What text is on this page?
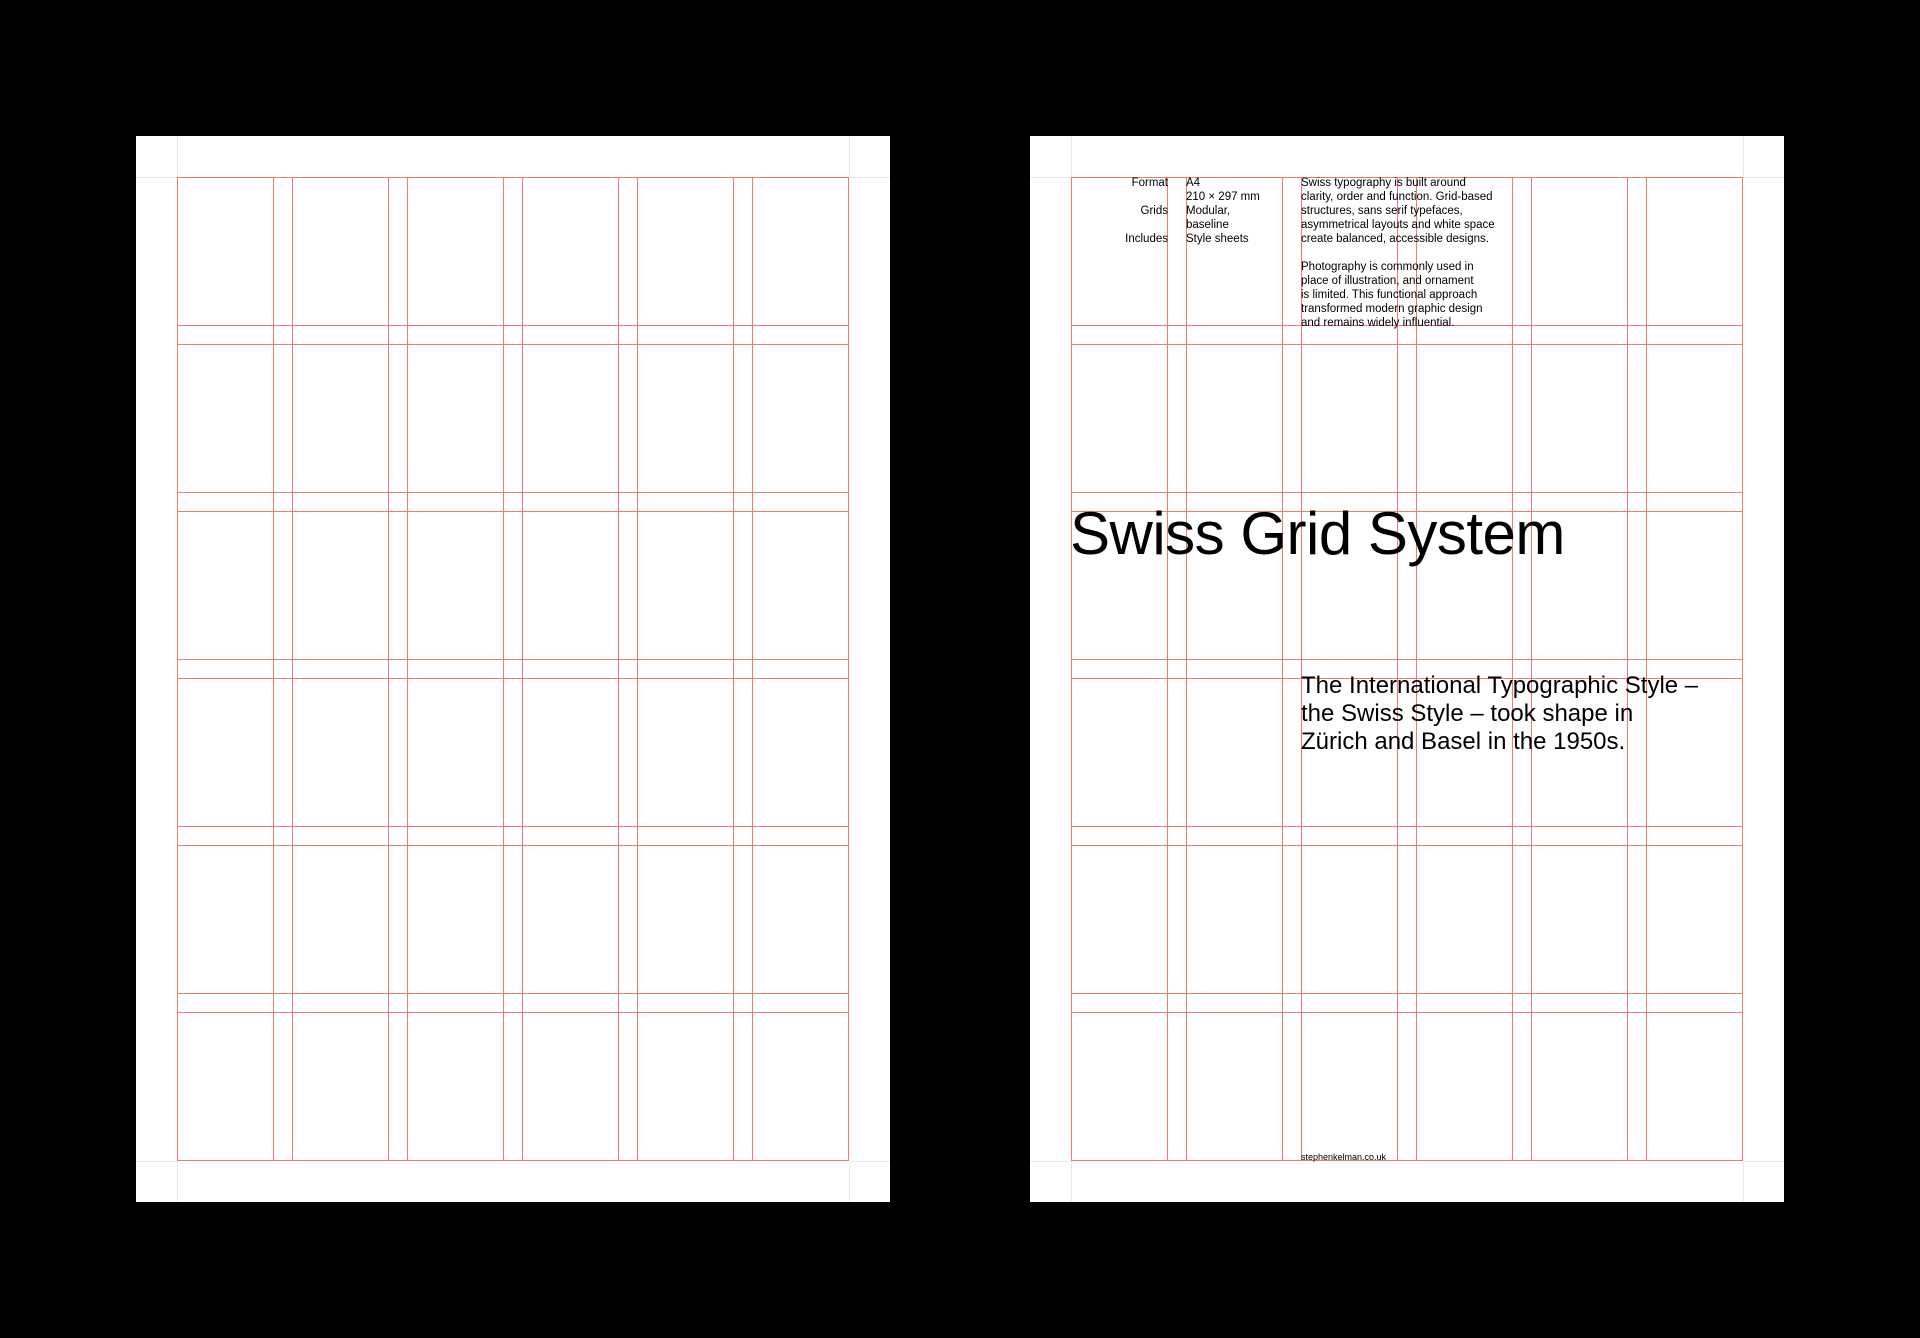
Format A4
210 × 297 mm
Grids Modular,
baseline
Includes Style sheets
Swiss typography is built around
clarity, order and function. Grid-based
structures, sans serif typefaces,
asymmetrical layouts and white space
create balanced, accessible designs.
Photography is commonly used in
place of illustration, and ornament
is limited. This functional approach
transformed modern graphic design
and remains widely influential.
Swiss Grid System
The International Typographic Style –
the Swiss Style – took shape in
Zürich and Basel in the 1950s.
stephenkelman.co.uk
